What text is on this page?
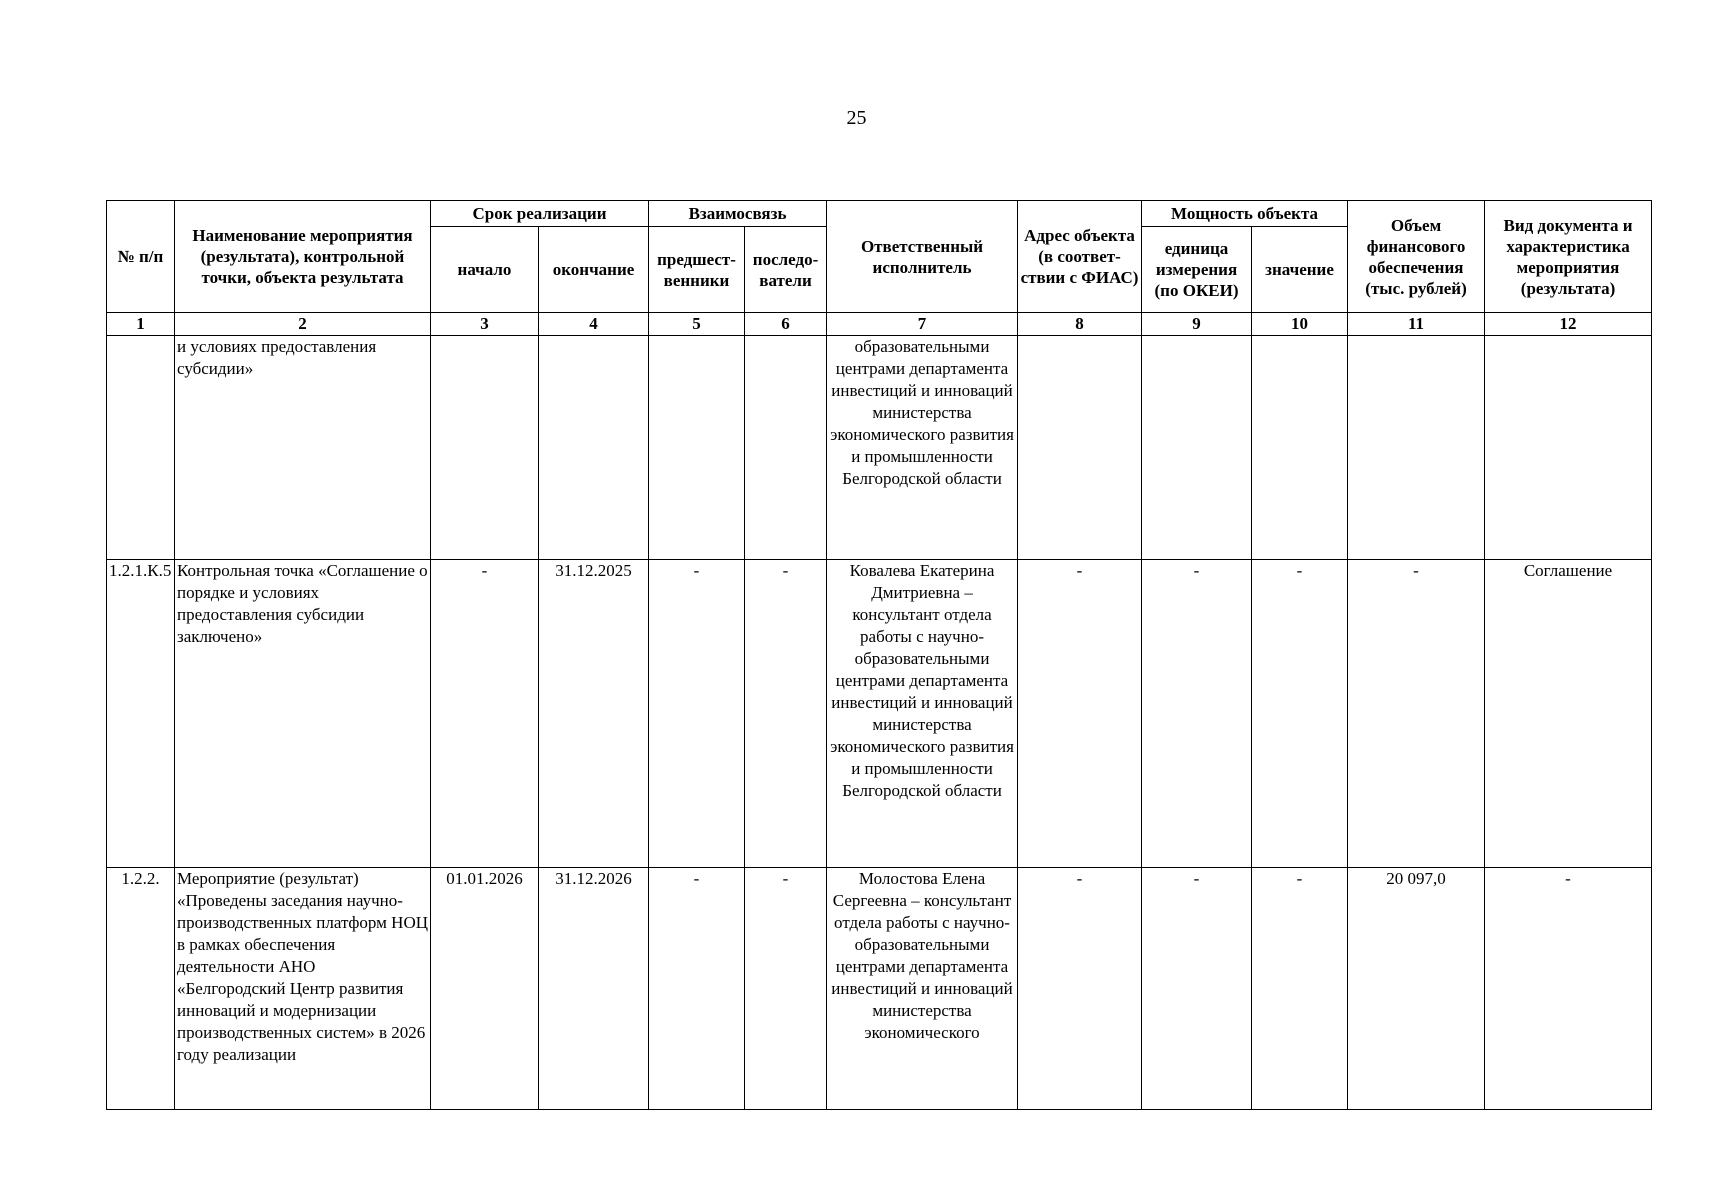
25
№ п/п	Наименование мероприятия (результата), контрольной точки, объекта результата	Срок реализации		Взаимосвязь		Ответственный исполнитель	Адрес объекта (в соответ-ствии с ФИАС)	Мощность объекта		Объем финансового обеспечения (тыс. рублей)	Вид документа и характеристика мероприятия (результата)
		начало	окончание	предшест-венники	последо-ватели			единица измерения (по ОКЕИ)	значение		
1	2	3	4	5	6	7	8	9	10	11	12
	и условиях предоставления субсидии»					образовательными центрами департамента инвестиций и инноваций министерства экономического развития и промышленности Белгородской области					
1.2.1.К.5	Контрольная точка «Соглашение о порядке и условиях предоставления субсидии заключено»	-	31.12.2025	-	-	Ковалева Екатерина Дмитриевна – консультант отдела работы с научно-образовательными центрами департамента инвестиций и инноваций министерства экономического развития и промышленности Белгородской области	-	-	-	-	Соглашение
1.2.2.	Мероприятие (результат) «Проведены заседания научно-производственных платформ НОЦ в рамках обеспечения деятельности АНО «Белгородский Центр развития инноваций и модернизации производственных систем» в 2026 году реализации	01.01.2026	31.12.2026	-	-	Молостова Елена Сергеевна – консультант отдела работы с научно-образовательными центрами департамента инвестиций и инноваций министерства экономического	-	-	-	20 097,0	-
